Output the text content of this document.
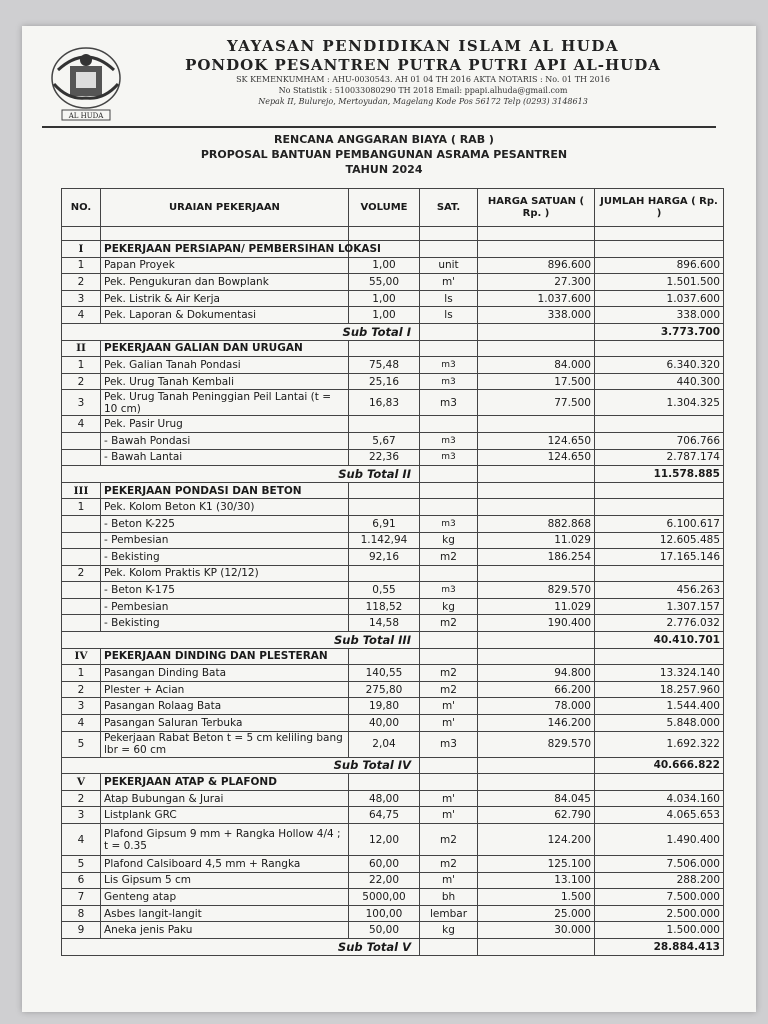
AL HUDA
YAYASAN PENDIDIKAN ISLAM AL HUDA
PONDOK PESANTREN PUTRA PUTRI API AL-HUDA
SK KEMENKUMHAM : AHU-0030543. AH 01 04 TH 2016 AKTA NOTARIS : No. 01 TH 2016
No Statistik : 510033080290 TH 2018 Email: ppapi.alhuda@gmail.com
Nepak II, Bulurejo, Mertoyudan, Magelang Kode Pos 56172 Telp (0293) 3148613
RENCANA ANGGARAN BIAYA ( RAB )
PROPOSAL BANTUAN PEMBANGUNAN ASRAMA PESANTREN
TAHUN 2024
NO.	URAIAN PEKERJAAN	VOLUME	SAT.	HARGA SATUAN ( Rp. )	JUMLAH HARGA ( Rp. )

I	PEKERJAAN PERSIAPAN/ PEMBERSIHAN LOKASI				
1	Papan Proyek	1,00	unit	896.600	896.600
2	Pek. Pengukuran dan Bowplank	55,00	m'	27.300	1.501.500
3	Pek. Listrik & Air Kerja	1,00	ls	1.037.600	1.037.600
4	Pek. Laporan & Dokumentasi	1,00	ls	338.000	338.000
Sub Total I					3.773.700
II	PEKERJAAN GALIAN DAN URUGAN				
1	Pek. Galian Tanah Pondasi	75,48	m3	84.000	6.340.320
2	Pek. Urug Tanah Kembali	25,16	m3	17.500	440.300
3	Pek. Urug Tanah Peninggian Peil Lantai (t = 10 cm)	16,83	m3	77.500	1.304.325
4	Pek. Pasir Urug				
	- Bawah Pondasi	5,67	m3	124.650	706.766
	- Bawah Lantai	22,36	m3	124.650	2.787.174
Sub Total II					11.578.885
III	PEKERJAAN PONDASI DAN BETON				
1	Pek. Kolom Beton K1 (30/30)				
	- Beton K-225	6,91	m3	882.868	6.100.617
	- Pembesian	1.142,94	kg	11.029	12.605.485
	- Bekisting	92,16	m2	186.254	17.165.146
2	Pek. Kolom Praktis KP (12/12)				
	- Beton K-175	0,55	m3	829.570	456.263
	- Pembesian	118,52	kg	11.029	1.307.157
	- Bekisting	14,58	m2	190.400	2.776.032
Sub Total III					40.410.701
IV	PEKERJAAN DINDING DAN PLESTERAN				
1	Pasangan Dinding Bata	140,55	m2	94.800	13.324.140
2	Plester + Acian	275,80	m2	66.200	18.257.960
3	Pasangan Rolaag Bata	19,80	m'	78.000	1.544.400
4	Pasangan Saluran Terbuka	40,00	m'	146.200	5.848.000
5	Pekerjaan Rabat Beton t = 5 cm keliling bang lbr = 60 cm	2,04	m3	829.570	1.692.322
Sub Total IV					40.666.822
V	PEKERJAAN ATAP & PLAFOND				
2	Atap Bubungan & Jurai	48,00	m'	84.045	4.034.160
3	Listplank GRC	64,75	m'	62.790	4.065.653
4	Plafond Gipsum 9 mm + Rangka Hollow 4/4 ; t = 0.35	12,00	m2	124.200	1.490.400
5	Plafond Calsiboard 4,5 mm + Rangka	60,00	m2	125.100	7.506.000
6	Lis Gipsum 5 cm	22,00	m'	13.100	288.200
7	Genteng atap	5000,00	bh	1.500	7.500.000
8	Asbes langit-langit	100,00	lembar	25.000	2.500.000
9	Aneka jenis Paku	50,00	kg	30.000	1.500.000
Sub Total V					28.884.413
